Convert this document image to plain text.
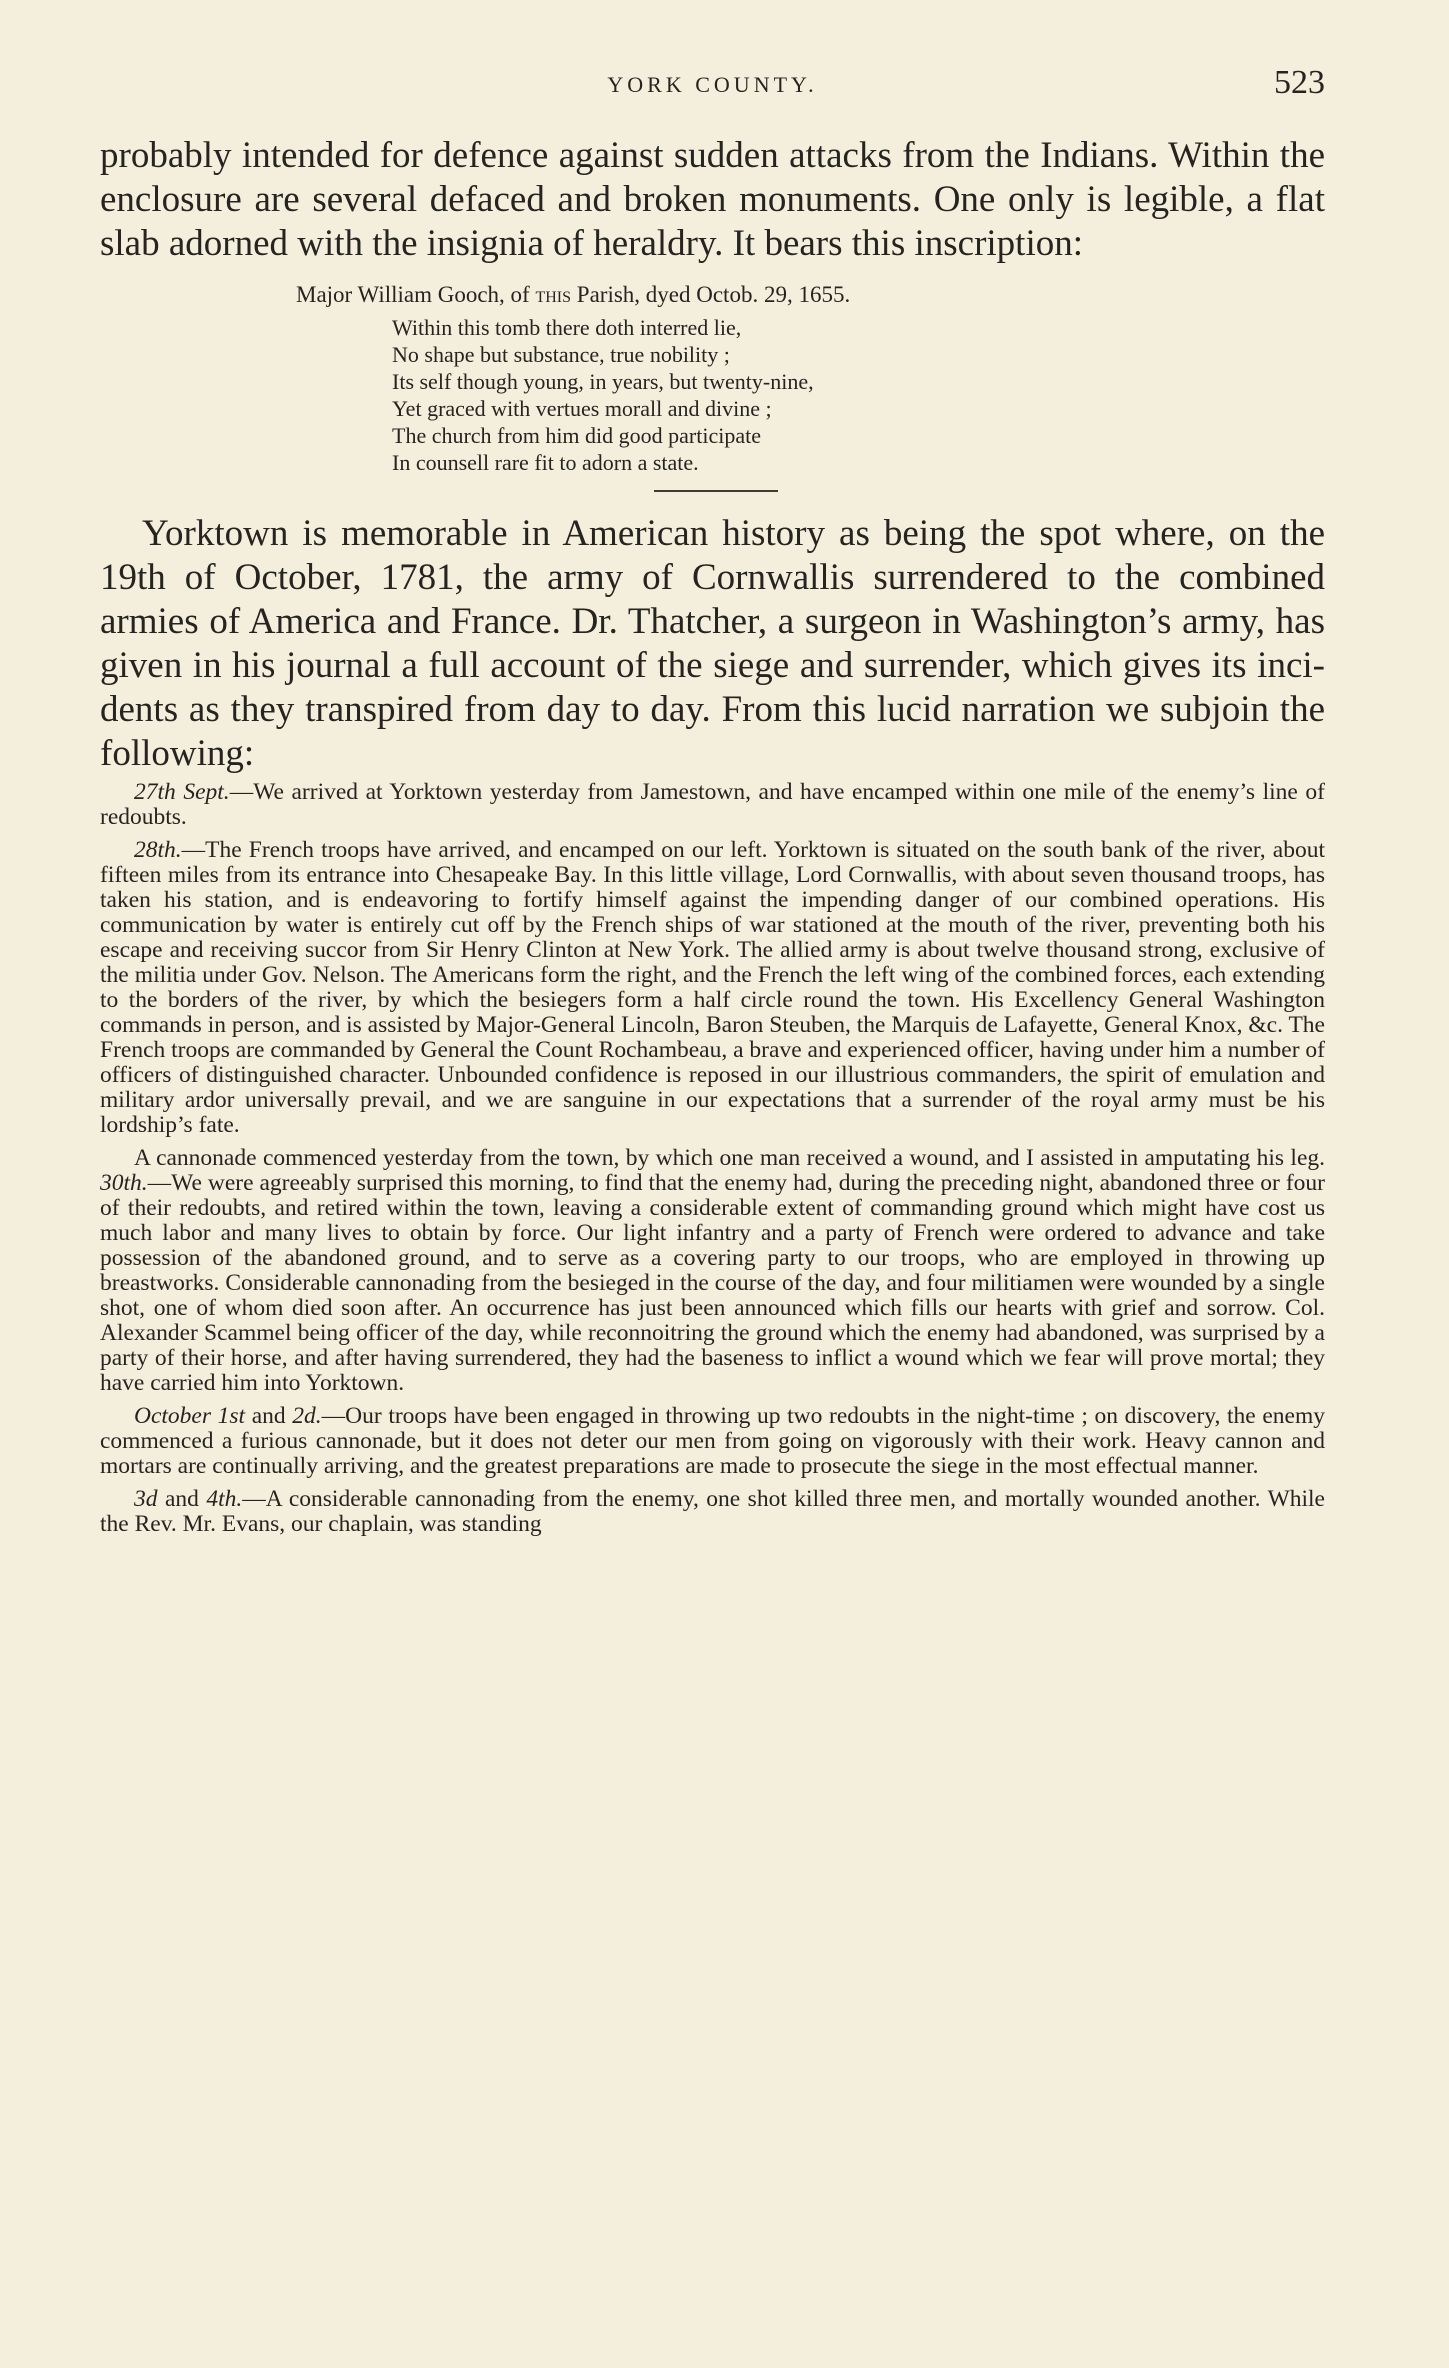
YORK COUNTY.	523

probably intended for defence against sudden attacks from the Indians. Within the enclosure are several defaced and broken monuments. One only is legible, a flat slab adorned with the insignia of heraldry. It bears this inscription:

Major William Gooch, of this Parish, dyed Octob. 29, 1655.

Within this tomb there doth interred lie,
No shape but substance, true nobility ;
Its self though young, in years, but twenty-nine,
Yet graced with vertues morall and divine ;
The church from him did good participate
In counsell rare fit to adorn a state.

Yorktown is memorable in American history as being the spot where, on the 19th of October, 1781, the army of Cornwallis surrendered to the combined armies of America and France. Dr. Thatcher, a surgeon in Washington’s army, has given in his journal a full account of the siege and surrender, which gives its incidents as they transpired from day to day. From this lucid narration we subjoin the following:

27th Sept.—We arrived at Yorktown yesterday from Jamestown, and have encamped within one mile of the enemy’s line of redoubts.

28th.—The French troops have arrived, and encamped on our left. Yorktown is situated on the south bank of the river, about fifteen miles from its entrance into Chesapeake Bay. In this little village, Lord Cornwallis, with about seven thousand troops, has taken his station, and is endeavoring to fortify himself against the impending danger of our combined operations. His communication by water is entirely cut off by the French ships of war stationed at the mouth of the river, preventing both his escape and receiving succor from Sir Henry Clinton at New York. The allied army is about twelve thousand strong, exclusive of the militia under Gov. Nelson. The Americans form the right, and the French the left wing of the combined forces, each extending to the borders of the river, by which the besiegers form a half circle round the town. His Excellency General Washington commands in person, and is assisted by Major-General Lincoln, Baron Steuben, the Marquis de Lafayette, General Knox, &c. The French troops are commanded by General the Count Rochambeau, a brave and experienced officer, having under him a number of officers of distinguished character. Unbounded confidence is reposed in our illustrious commanders, the spirit of emulation and military ardor universally prevail, and we are sanguine in our expectations that a surrender of the royal army must be his lordship’s fate.

A cannonade commenced yesterday from the town, by which one man received a wound, and I assisted in amputating his leg. 30th.—We were agreeably surprised this morning, to find that the enemy had, during the preceding night, abandoned three or four of their redoubts, and retired within the town, leaving a considerable extent of commanding ground which might have cost us much labor and many lives to obtain by force. Our light infantry and a party of French were ordered to advance and take possession of the abandoned ground, and to serve as a covering party to our troops, who are employed in throwing up breastworks. Considerable cannonading from the besieged in the course of the day, and four militiamen were wounded by a single shot, one of whom died soon after. An occurrence has just been announced which fills our hearts with grief and sorrow. Col. Alexander Scammel being officer of the day, while reconnoitring the ground which the enemy had abandoned, was surprised by a party of their horse, and after having surrendered, they had the baseness to inflict a wound which we fear will prove mortal; they have carried him into Yorktown.

October 1st and 2d.—Our troops have been engaged in throwing up two redoubts in the night-time ; on discovery, the enemy commenced a furious cannonade, but it does not deter our men from going on vigorously with their work. Heavy cannon and mortars are continually arriving, and the greatest preparations are made to prosecute the siege in the most effectual manner.

3d and 4th.—A considerable cannonading from the enemy, one shot killed three men, and mortally wounded another. While the Rev. Mr. Evans, our chaplain, was standing
